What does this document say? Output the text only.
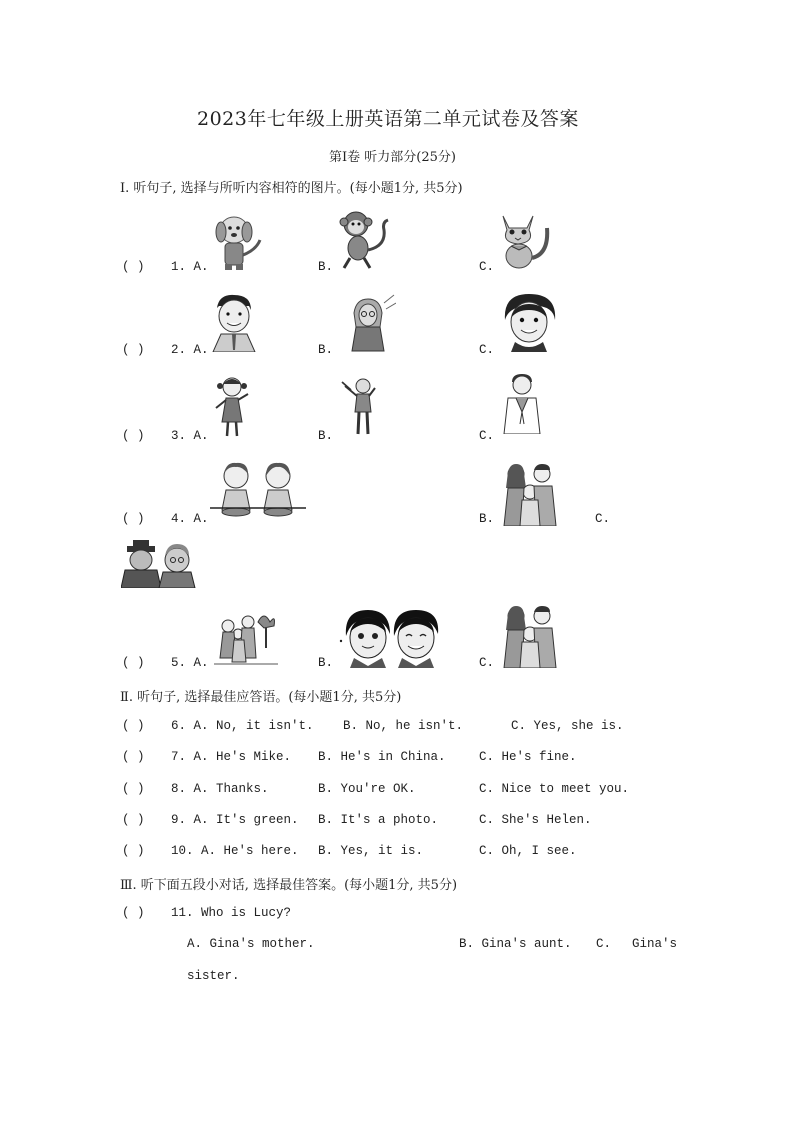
2023年七年级上册英语第二单元试卷及答案
第Ⅰ卷 听力部分(25分)
Ⅰ. 听句子, 选择与所听内容相符的图片。(每小题1分, 共5分)
( ) 1. A.	B.	C.
( ) 2. A.	B.	C.
( ) 3. A.	B.	C.
( ) 4. A.	B.	C.
( ) 5. A.	B.	C.
Ⅱ. 听句子, 选择最佳应答语。(每小题1分, 共5分)
( ) 6. A. No, it isn't. B. No, he isn't.	C. Yes, she is.
( ) 7. A. He's Mike. B. He's in China.	C. He's fine.
( ) 8. A. Thanks.	B. You're OK.	C. Nice to meet you.
( ) 9. A. It's green. B. It's a photo.	C. She's Helen.
( ) 10. A. He's here. B. Yes, it is.	C. Oh, I see.
Ⅲ. 听下面五段小对话, 选择最佳答案。(每小题1分, 共5分)
( ) 11. Who is Lucy?
A. Gina's mother.	B. Gina's aunt. C. Gina's
sister.
